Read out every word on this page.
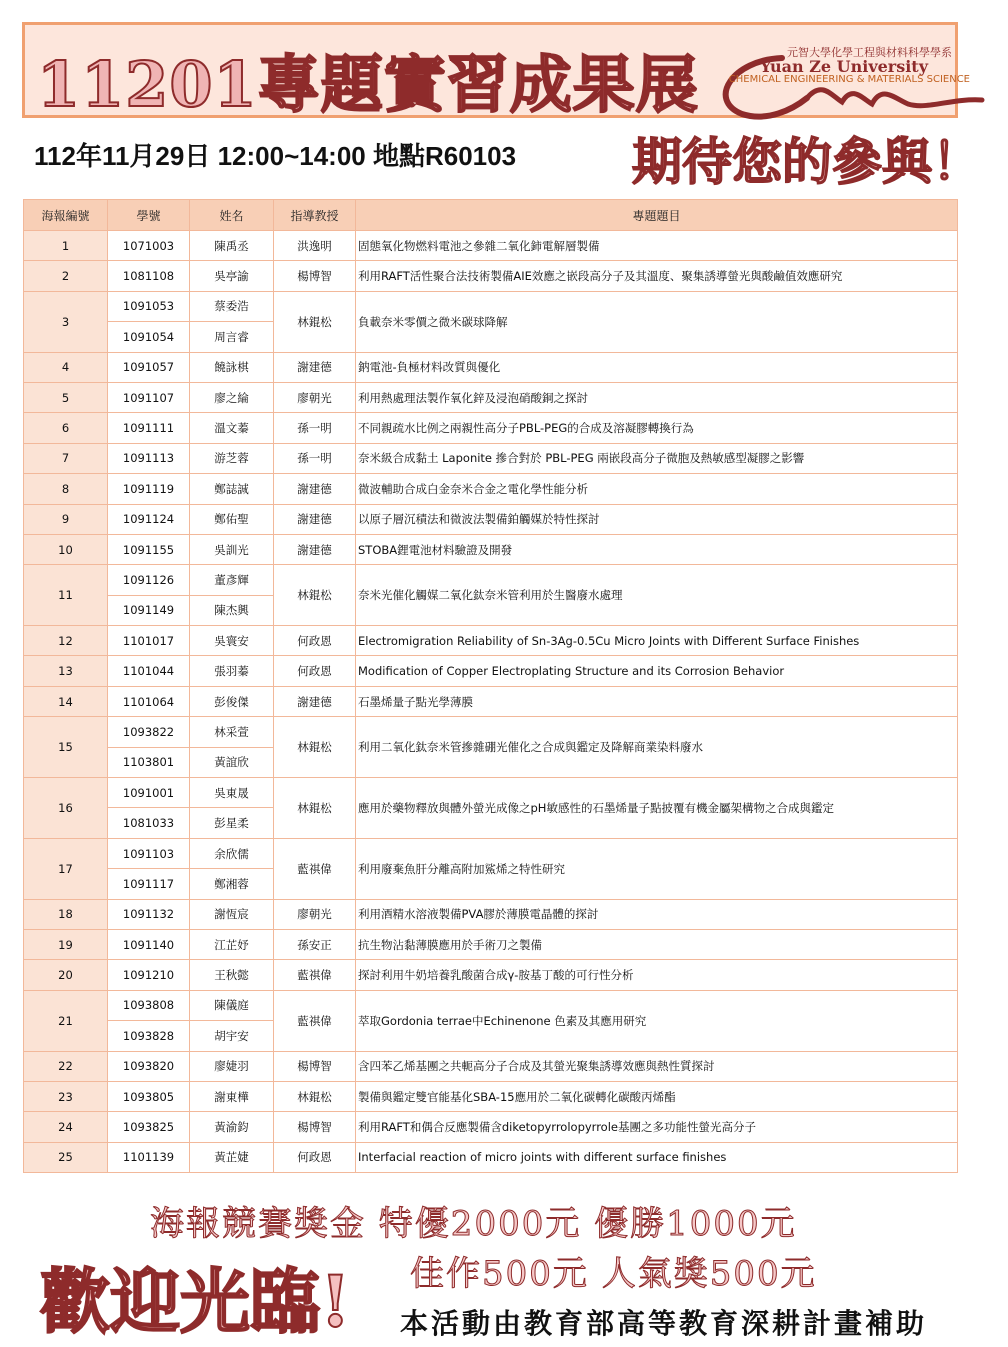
11201專題實習成果展	元智大學化學工程與材料科學學系
Yuan Ze University
CHEMICAL ENGINEERING & MATERIALS SCIENCE
112年11月29日 12:00~14:00 地點R60103 期待您的參與！
海報編號	學號	姓名	指導教授	專題題目
1	1071003	陳禹丞	洪逸明	固態氧化物燃料電池之參雜二氧化鈰電解層製備
2	1081108	吳亭諭	楊博智	利用RAFT活性聚合法技術製備AIE效應之嵌段高分子及其溫度、聚集誘導螢光與酸鹼值效應研究
3	1091053	蔡委浩	林錕松	負載奈米零價之微米碳球降解
	1091054	周言睿		
4	1091057	饒詠棋	謝建德	鈉電池-負極材料改質與優化
5	1091107	廖之綸	廖朝光	利用熱處理法製作氧化鋅及浸泡硝酸銅之探討
6	1091111	溫文蓁	孫一明	不同親疏水比例之兩親性高分子PBL-PEG的合成及溶凝膠轉換行為
7	1091113	游芝蓉	孫一明	奈米級合成黏土 Laponite 摻合對於 PBL-PEG 兩嵌段高分子微胞及熱敏感型凝膠之影響
8	1091119	鄭誌誠	謝建德	微波輔助合成白金奈米合金之電化學性能分析
9	1091124	鄭佑聖	謝建德	以原子層沉積法和微波法製備鉑觸媒於特性探討
10	1091155	吳訓光	謝建德	STOBA鋰電池材料驗證及開發
11	1091126	董彥輝	林錕松	奈米光催化觸媒二氧化鈦奈米管利用於生醫廢水處理
	1091149	陳杰興		
12	1101017	吳寰安	何政恩	Electromigration Reliability of Sn-3Ag-0.5Cu Micro Joints with Different Surface Finishes
13	1101044	張羽蓁	何政恩	Modification of Copper Electroplating Structure and its Corrosion Behavior
14	1101064	彭俊傑	謝建德	石墨烯量子點光學薄膜
15	1093822	林采萱	林錕松	利用二氧化鈦奈米管摻雜硼光催化之合成與鑑定及降解商業染料廢水
	1103801	黃誼欣		
16	1091001	吳東晟	林錕松	應用於藥物釋放與體外螢光成像之pH敏感性的石墨烯量子點披覆有機金屬架構物之合成與鑑定
	1081033	彭星柔		
17	1091103	余欣儒	藍祺偉	利用廢棄魚肝分離高附加鯊烯之特性研究
	1091117	鄭湘蓉		
18	1091132	謝恆宸	廖朝光	利用酒精水溶液製備PVA膠於薄膜電晶體的探討
19	1091140	江芷妤	孫安正	抗生物沾黏薄膜應用於手術刀之製備
20	1091210	王秋懿	藍祺偉	探討利用牛奶培養乳酸菌合成γ-胺基丁酸的可行性分析
21	1093808	陳儀庭	藍祺偉	萃取Gordonia terrae中Echinenone 色素及其應用研究
	1093828	胡宇安		
22	1093820	廖婕羽	楊博智	含四苯乙烯基團之共軛高分子合成及其螢光聚集誘導效應與熱性質探討
23	1093805	謝東樺	林錕松	製備與鑑定雙官能基化SBA-15應用於二氧化碳轉化碳酸丙烯酯
24	1093825	黃渝鈞	楊博智	利用RAFT和偶合反應製備含diketopyrrolopyrrole基團之多功能性螢光高分子
25	1101139	黃芷婕	何政恩	Interfacial reaction of micro joints with different surface finishes
海報競賽獎金 特優2000元 優勝1000元
歡迎光臨! 佳作500元 人氣獎500元
本活動由教育部高等教育深耕計畫補助
